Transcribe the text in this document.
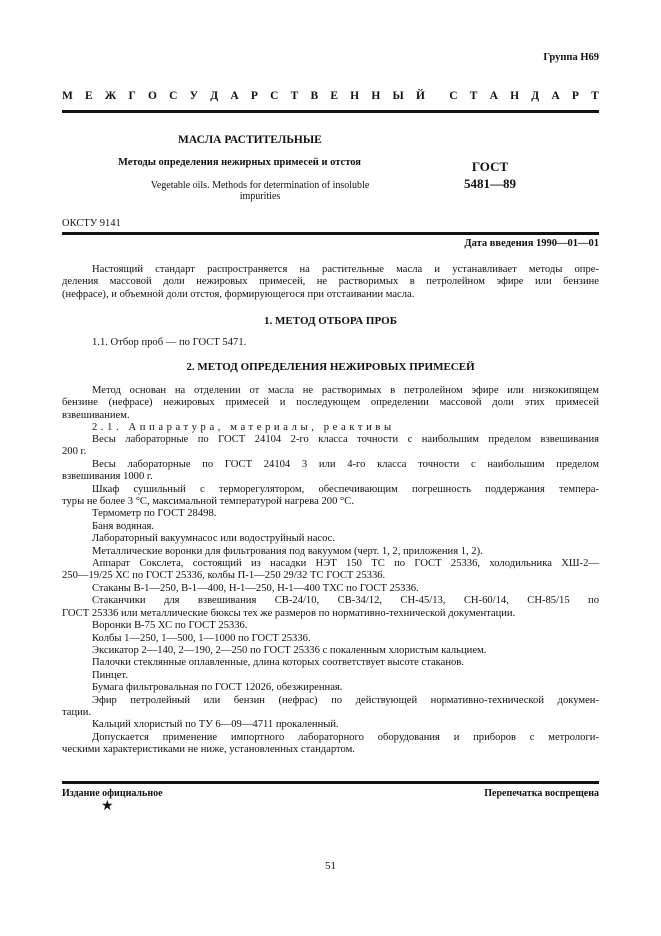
Группа Н69
М Е Ж Г О С У Д А Р С Т В Е Н Н Ы Й С Т А Н Д А Р Т
МАСЛА РАСТИТЕЛЬНЫЕ
Методы определения нежирных примесей и отстоя
Vegetable oils. Methods for determination of insoluble
impurities
ГОСТ
5481—89
ОКСТУ 9141
Дата введения 1990—01—01
Настоящий стандарт распространяется на растительные масла и устанавливает методы опре-
деления массовой доли нежировых примесей, не растворимых в петролейном эфире или бензине
(нефрасе), и объемной доли отстоя, формирующегося при отстаивании масла.
1. МЕТОД ОТБОРА ПРОБ
1.1. Отбор проб — по ГОСТ 5471.
2. МЕТОД ОПРЕДЕЛЕНИЯ НЕЖИРОВЫХ ПРИМЕСЕЙ
Метод основан на отделении от масла не растворимых в петролейном эфире или низкокипящем
бензине (нефрасе) нежировых примесей и последующем определении массовой доли этих примесей
взвешиванием.
2.1. Аппаратура, материалы, реактивы
Весы лабораторные по ГОСТ 24104 2-го класса точности с наибольшим пределом взвешивания
200 г.
Весы лабораторные по ГОСТ 24104 3 или 4-го класса точности с наибольшим пределом
взвешивания 1000 г.
Шкаф сушильный с терморегулятором, обеспечивающим погрешность поддержания темпера-
туры не более 3 °С, максимальной температурой нагрева 200 °С.
Термометр по ГОСТ 28498.
Баня водяная.
Лабораторный вакуумнасос или водоструйный насос.
Металлические воронки для фильтрования под вакуумом (черт. 1, 2, приложения 1, 2).
Аппарат Сокслета, состоящий из насадки НЭТ 150 ТС по ГОСТ 25336, холодильника ХШ-2—
250—19/25 ХС по ГОСТ 25336, колбы П-1—250 29/32 ТС ГОСТ 25336.
Стаканы В-1—250, В-1—400, Н-1—250, Н-1—400 ТХС по ГОСТ 25336.
Стаканчики для взвешивания СВ-24/10, СВ-34/12, СН-45/13, СН-60/14, СН-85/15 по
ГОСТ 25336 или металлические бюксы тех же размеров по нормативно-технической документации.
Воронки В-75 ХС по ГОСТ 25336.
Колбы 1—250, 1—500, 1—1000 по ГОСТ 25336.
Эксикатор 2—140, 2—190, 2—250 по ГОСТ 25336 с покаленным хлористым кальцием.
Палочки стеклянные оплавленные, длина которых соответствует высоте стаканов.
Пинцет.
Бумага фильтровальная по ГОСТ 12026, обезжиренная.
Эфир петролейный или бензин (нефрас) по действующей нормативно-технической докумен-
тации.
Кальций хлористый по ТУ 6—09—4711 прокаленный.
Допускается применение импортного лабораторного оборудования и приборов с метрологи-
ческими характеристиками не ниже, установленных стандартом.
Издание официальное	Перепечатка воспрещена
★
51
